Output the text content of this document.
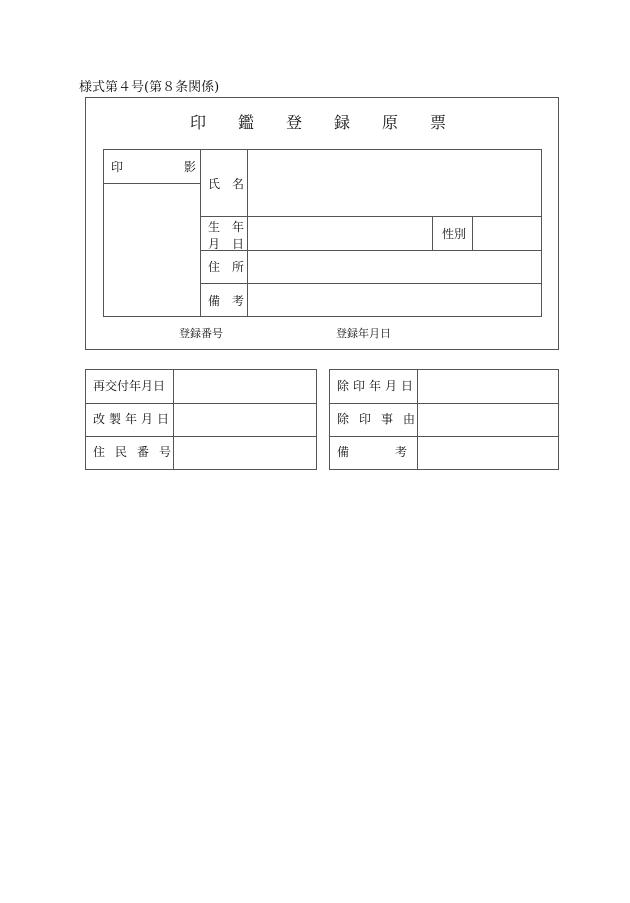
様式第４号(第８条関係)
印　鑑　登　録　原　票
印	影
氏　名
生　年
月　日
性別
住　所
備　考
登録番号	登録年月日
再交付年月日
改製年月日
住民番号
除印年月日
除印事由
備考
